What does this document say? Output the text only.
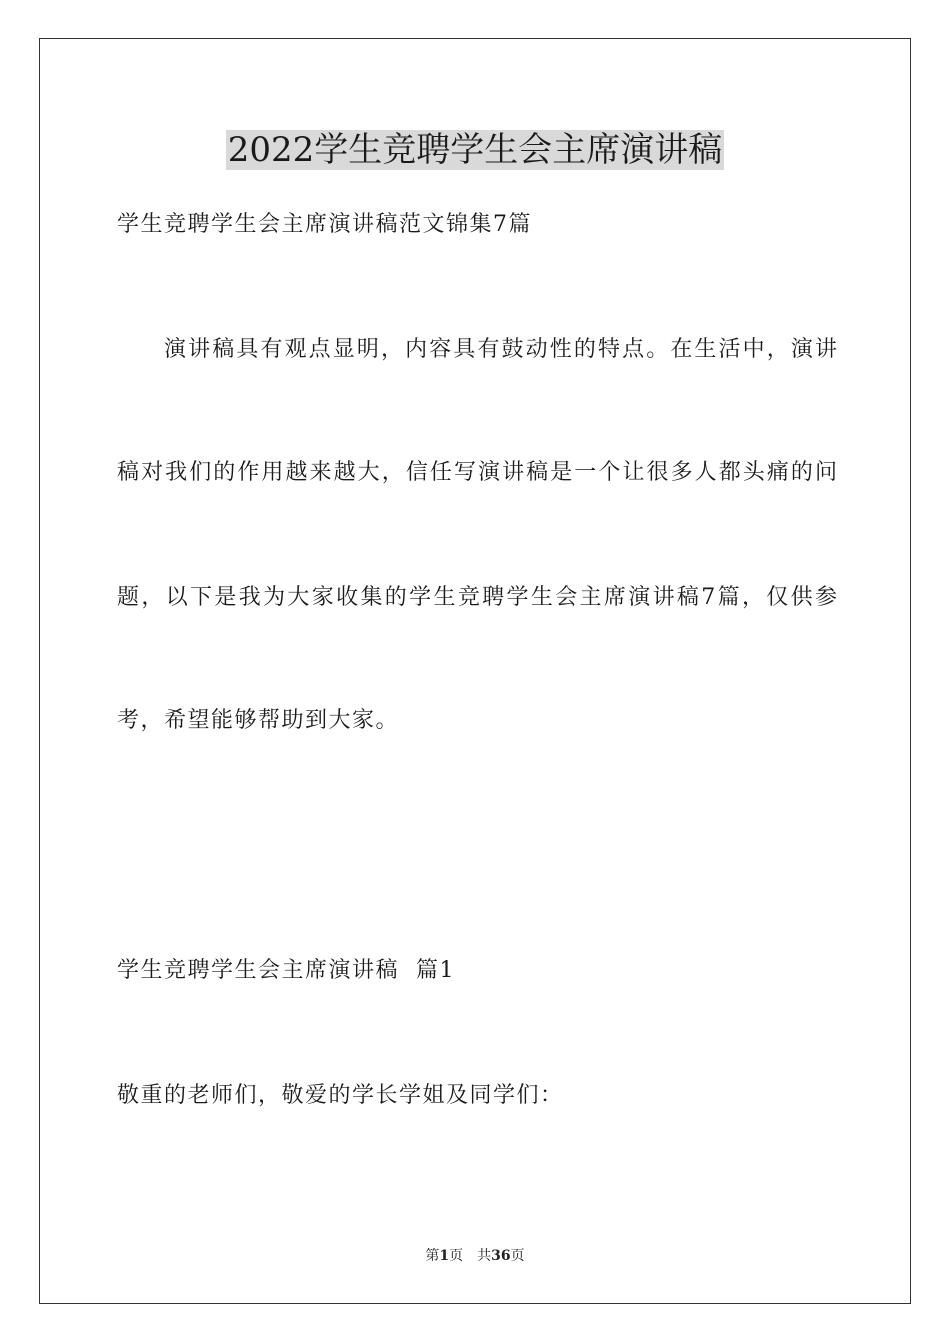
2022学生竞聘学生会主席演讲稿
学生竞聘学生会主席演讲稿范文锦集7篇
演讲稿具有观点显明，内容具有鼓动性的特点。在生活中，演讲
稿对我们的作用越来越大，信任写演讲稿是一个让很多人都头痛的问
题，以下是我为大家收集的学生竞聘学生会主席演讲稿7篇，仅供参
考，希望能够帮助到大家。
学生竞聘学生会主席演讲稿  篇1
敬重的老师们，敬爱的学长学姐及同学们：
第1页 共36页
